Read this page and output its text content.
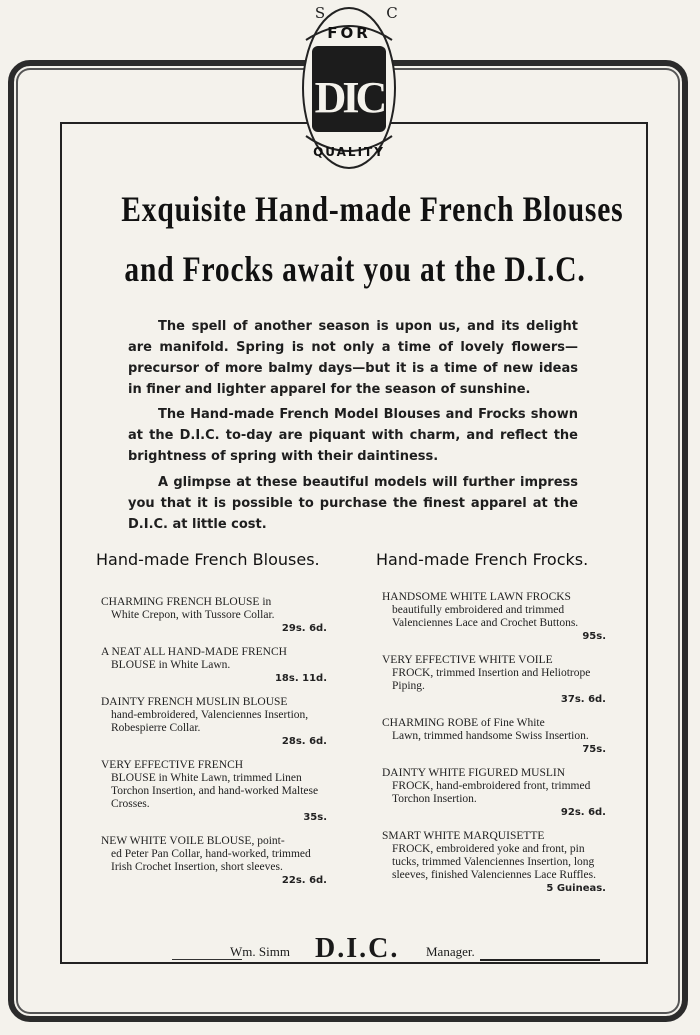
FOR
DIC
QUALITY
S	C
Exquisite Hand-made French Blouses
and Frocks await you at the D.I.C.

The spell of another season is upon us, and its delight are manifold. Spring is not only a time of lovely flowers—precursor of more balmy days—but it is a time of new ideas in finer and lighter apparel for the season of sunshine.

The Hand-made French Model Blouses and Frocks shown at the D.I.C. to-day are piquant with charm, and reflect the brightness of spring with their daintiness.

A glimpse at these beautiful models will further impress you that it is possible to purchase the finest apparel at the D.I.C. at little cost.

Hand-made French Blouses.	Hand-made French Frocks.
CHARMING FRENCH BLOUSE in
White Crepon, with Tussore Collar.
29s. 6d.
A NEAT ALL HAND-MADE FRENCH
BLOUSE in White Lawn.
18s. 11d.
DAINTY FRENCH MUSLIN BLOUSE
hand-embroidered, Valenciennes Insertion, Robespierre Collar.
28s. 6d.
VERY EFFECTIVE FRENCH
BLOUSE in White Lawn, trimmed Linen Torchon Insertion, and hand-worked Maltese Crosses.
35s.
NEW WHITE VOILE BLOUSE, point-
ed Peter Pan Collar, hand-worked, trimmed Irish Crochet Insertion, short sleeves.
22s. 6d.
HANDSOME WHITE LAWN FROCKS
beautifully embroidered and trimmed Valenciennes Lace and Crochet Buttons.
95s.
VERY EFFECTIVE WHITE VOILE
FROCK, trimmed Insertion and Heliotrope Piping.
37s. 6d.
CHARMING ROBE of Fine White
Lawn, trimmed handsome Swiss Insertion.
75s.
DAINTY WHITE FIGURED MUSLIN
FROCK, hand-embroidered front, trimmed Torchon Insertion.
92s. 6d.
SMART WHITE MARQUISETTE
FROCK, embroidered yoke and front, pin tucks, trimmed Valenciennes Insertion, long sleeves, finished Valenciennes Lace Ruffles.
5 Guineas.
Wm. Simm D.I.C. Manager.
